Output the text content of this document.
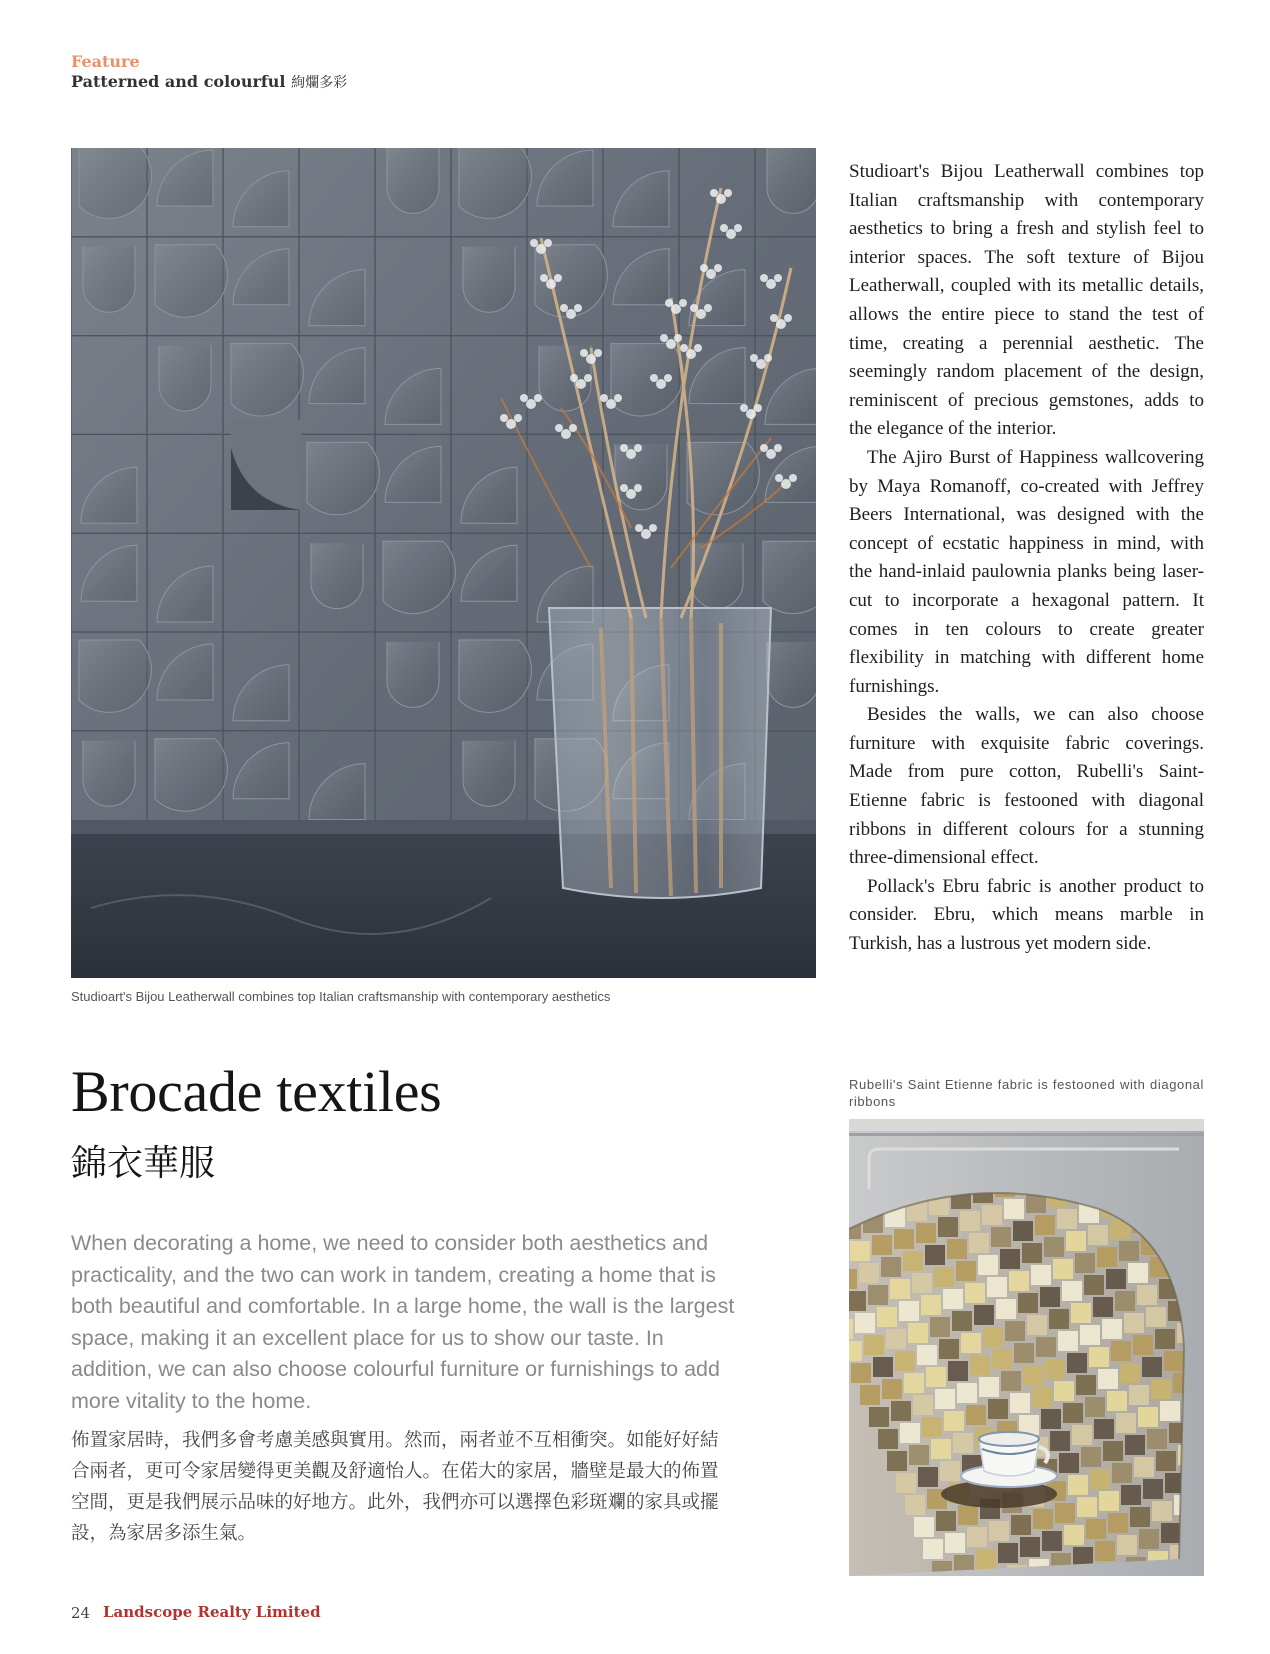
Feature
Patterned and colourful 絢爛多彩
Studioart's Bijou Leatherwall combines top Italian craftsmanship with contemporary aesthetics

Studioart's Bijou Leatherwall combines top Italian craftsmanship with contemporary aesthetics to bring a fresh and stylish feel to interior spaces. The soft texture of Bijou Leatherwall, coupled with its metallic details, allows the entire piece to stand the test of time, creating a perennial aesthetic. The seemingly random placement of the design, reminiscent of precious gemstones, adds to the elegance of the interior.

The Ajiro Burst of Happiness wallcovering by Maya Romanoff, co-created with Jeffrey Beers International, was designed with the concept of ecstatic happiness in mind, with the hand-inlaid paulownia planks being laser-cut to incorporate a hexagonal pattern. It comes in ten colours to create greater flexibility in matching with different home furnishings.

Besides the walls, we can also choose furniture with exquisite fabric coverings. Made from pure cotton, Rubelli's Saint-Etienne fabric is festooned with diagonal ribbons in different colours for a stunning three-dimensional effect.

Pollack's Ebru fabric is another product to consider. Ebru, which means marble in Turkish, has a lustrous yet modern side.

Brocade textiles
錦衣華服
When decorating a home, we need to consider both aesthetics and practicality, and the two can work in tandem, creating a home that is both beautiful and comfortable. In a large home, the wall is the largest space, making it an excellent place for us to show our taste. In addition, we can also choose colourful furniture or furnishings to add more vitality to the home.
佈置家居時，我們多會考慮美感與實用。然而，兩者並不互相衝突。如能好好結合兩者，更可令家居變得更美觀及舒適怡人。在偌大的家居，牆壁是最大的佈置空間，更是我們展示品味的好地方。此外，我們亦可以選擇色彩斑斕的家具或擺設，為家居多添生氣。
Rubelli's Saint Etienne fabric is festooned with diagonal ribbons
24 Landscope Realty Limited
